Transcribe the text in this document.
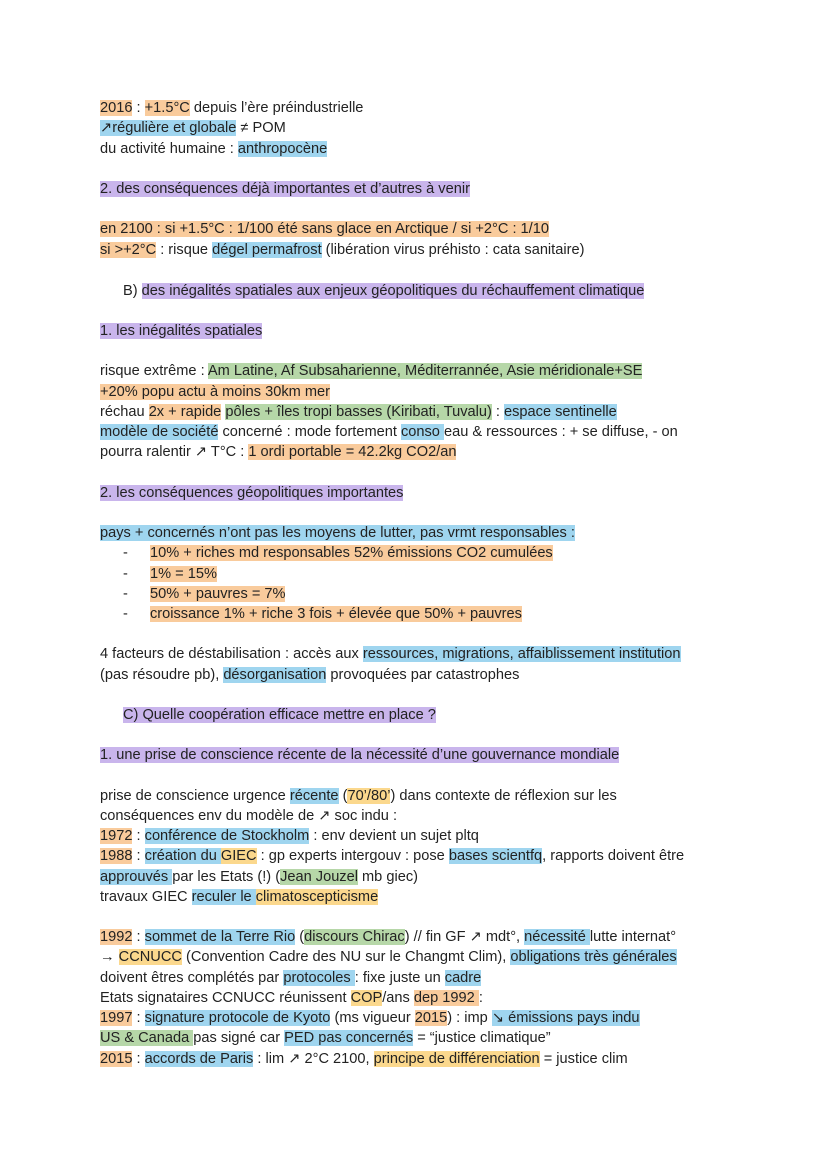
2016 : +1.5°C depuis l’ère préindustrielle
↗régulière et globale ≠ POM
du activité humaine : anthropocène
2. des conséquences déjà importantes et d’autres à venir
en 2100 : si +1.5°C : 1/100 été sans glace en Arctique / si +2°C : 1/10
si >+2°C : risque dégel permafrost (libération virus préhisto : cata sanitaire)
B) des inégalités spatiales aux enjeux géopolitiques du réchauffement climatique
1. les inégalités spatiales
risque extrême : Am Latine, Af Subsaharienne, Méditerrannée, Asie méridionale+SE
+20% popu actu à moins 30km mer
réchau 2x + rapide pôles + îles tropi basses (Kiribati, Tuvalu) : espace sentinelle
modèle de société concerné : mode fortement conso eau & ressources : + se diffuse, - on
pourra ralentir ↗ T°C : 1 ordi portable = 42.2kg CO2/an
2. les conséquences géopolitiques importantes
pays + concernés n’ont pas les moyens de lutter, pas vrmt responsables :
- 10% + riches md responsables 52% émissions CO2 cumulées
- 1% = 15%
- 50% + pauvres = 7%
- croissance 1% + riche 3 fois + élevée que 50% + pauvres
4 facteurs de déstabilisation : accès aux ressources, migrations, affaiblissement institution
(pas résoudre pb), désorganisation provoquées par catastrophes
C) Quelle coopération efficace mettre en place ?
1. une prise de conscience récente de la nécessité d’une gouvernance mondiale
prise de conscience urgence récente (70’/80’) dans contexte de réflexion sur les
conséquences env du modèle de ↗ soc indu :
1972 : conférence de Stockholm : env devient un sujet pltq
1988 : création du GIEC : gp experts intergouv : pose bases scientfq, rapports doivent être
approuvés par les Etats (!) (Jean Jouzel mb giec)
travaux GIEC reculer le climatoscepticisme
1992 : sommet de la Terre Rio (discours Chirac) // fin GF ↗ mdt°, nécessité lutte internat°
→ CCNUCC (Convention Cadre des NU sur le Changmt Clim), obligations très générales
doivent êtres complétés par protocoles : fixe juste un cadre
Etats signataires CCNUCC réunissent COP/ans dep 1992 :
1997 : signature protocole de Kyoto (ms vigueur 2015) : imp ↘ émissions pays indu
US & Canada pas signé car PED pas concernés = “justice climatique”
2015 : accords de Paris : lim ↗ 2°C 2100, principe de différenciation = justice clim
